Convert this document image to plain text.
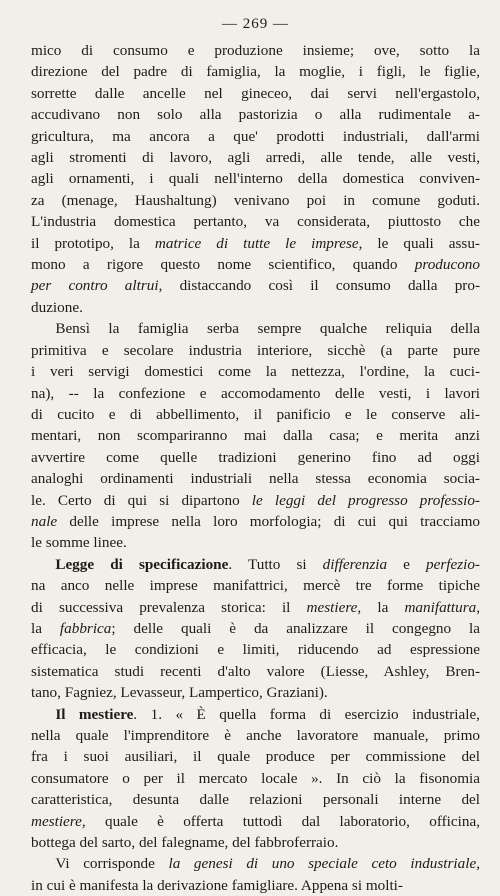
— 269 —

mico di consumo e produzione insieme; ove, sotto la
direzione del padre di famiglia, la moglie, i figli, le figlie,
sorrette dalle ancelle nel gineceo, dai servi nell'ergastolo,
accudivano non solo alla pastorizia o alla rudimentale a-
gricultura, ma ancora a que' prodotti industriali, dall'armi
agli stromenti di lavoro, agli arredi, alle tende, alle vesti,
agli ornamenti, i quali nell'interno della domestica conviven-
za (menage, Haushaltung) venivano poi in comune goduti.
L'industria domestica pertanto, va considerata, piuttosto che
il prototipo, la matrice di tutte le imprese, le quali assu-
mono a rigore questo nome scientifico, quando producono
per contro altrui, distaccando così il consumo dalla pro-
duzione.

Bensì la famiglia serba sempre qualche reliquia della
primitiva e secolare industria interiore, sicchè (a parte pure
i veri servigi domestici come la nettezza, l'ordine, la cuci-
na), -- la confezione e accomodamento delle vesti, i lavori
di cucito e di abbellimento, il panificio e le conserve ali-
mentari, non scompariranno mai dalla casa; e merita anzi
avvertire come quelle tradizioni generino fino ad oggi
analoghi ordinamenti industriali nella stessa economia socia-
le. Certo di qui si dipartono le leggi del progresso professio-
nale delle imprese nella loro morfologia; di cui qui tracciamo
le somme linee.

Legge di specificazione. Tutto si differenzia e perfezio-
na anco nelle imprese manifattrici, mercè tre forme tipiche
di successiva prevalenza storica: il mestiere, la manifattura,
la fabbrica; delle quali è da analizzare il congegno la
efficacia, le condizioni e limiti, riducendo ad espressione
sistematica studi recenti d'alto valore (Liesse, Ashley, Bren-
tano, Fagniez, Levasseur, Lampertico, Graziani).

Il mestiere. 1. « È quella forma di esercizio industriale,
nella quale l'imprenditore è anche lavoratore manuale, primo
fra i suoi ausiliari, il quale produce per commissione del
consumatore o per il mercato locale ». In ciò la fisonomia
caratteristica, desunta dalle relazioni personali interne del
mestiere, quale è offerta tuttodì dal laboratorio, officina,
bottega del sarto, del falegname, del fabbroferraio.

Vi corrisponde la genesi di uno speciale ceto industriale,
in cui è manifesta la derivazione famigliare. Appena si molti-
